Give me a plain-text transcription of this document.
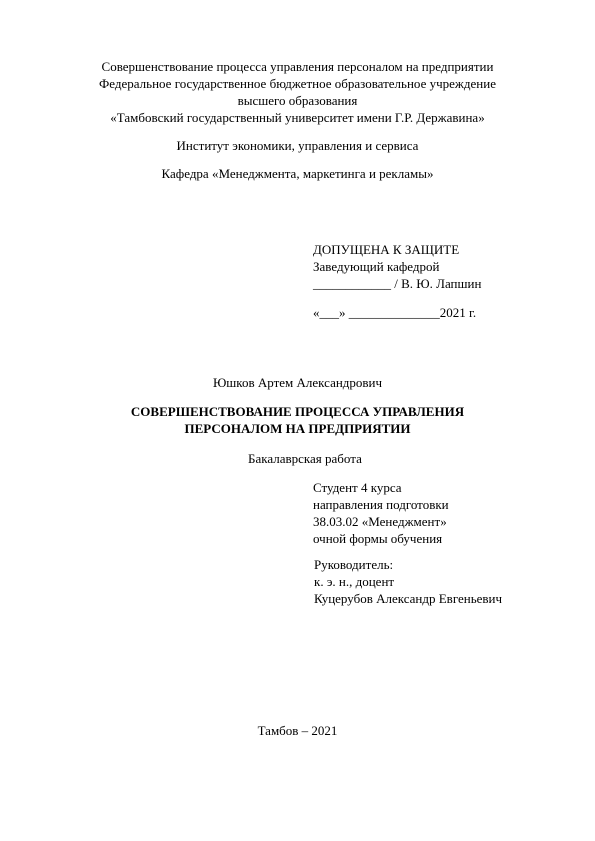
Совершенствование процесса управления персоналом на предприятии
Федеральное государственное бюджетное образовательное учреждение
высшего образования
«Тамбовский государственный университет имени Г.Р. Державина»
Институт экономики, управления и сервиса
Кафедра «Менеджмента, маркетинга и рекламы»
ДОПУЩЕНА К ЗАЩИТЕ
Заведующий кафедрой
____________ / В. Ю. Лапшин
«___» ______________2021 г.
Юшков Артем Александрович
СОВЕРШЕНСТВОВАНИЕ ПРОЦЕССА УПРАВЛЕНИЯ
ПЕРСОНАЛОМ НА ПРЕДПРИЯТИИ
Бакалаврская работа
Студент 4 курса
направления подготовки
38.03.02 «Менеджмент»
очной формы обучения
Руководитель:
к. э. н., доцент
Куцерубов Александр Евгеньевич
Тамбов – 2021
